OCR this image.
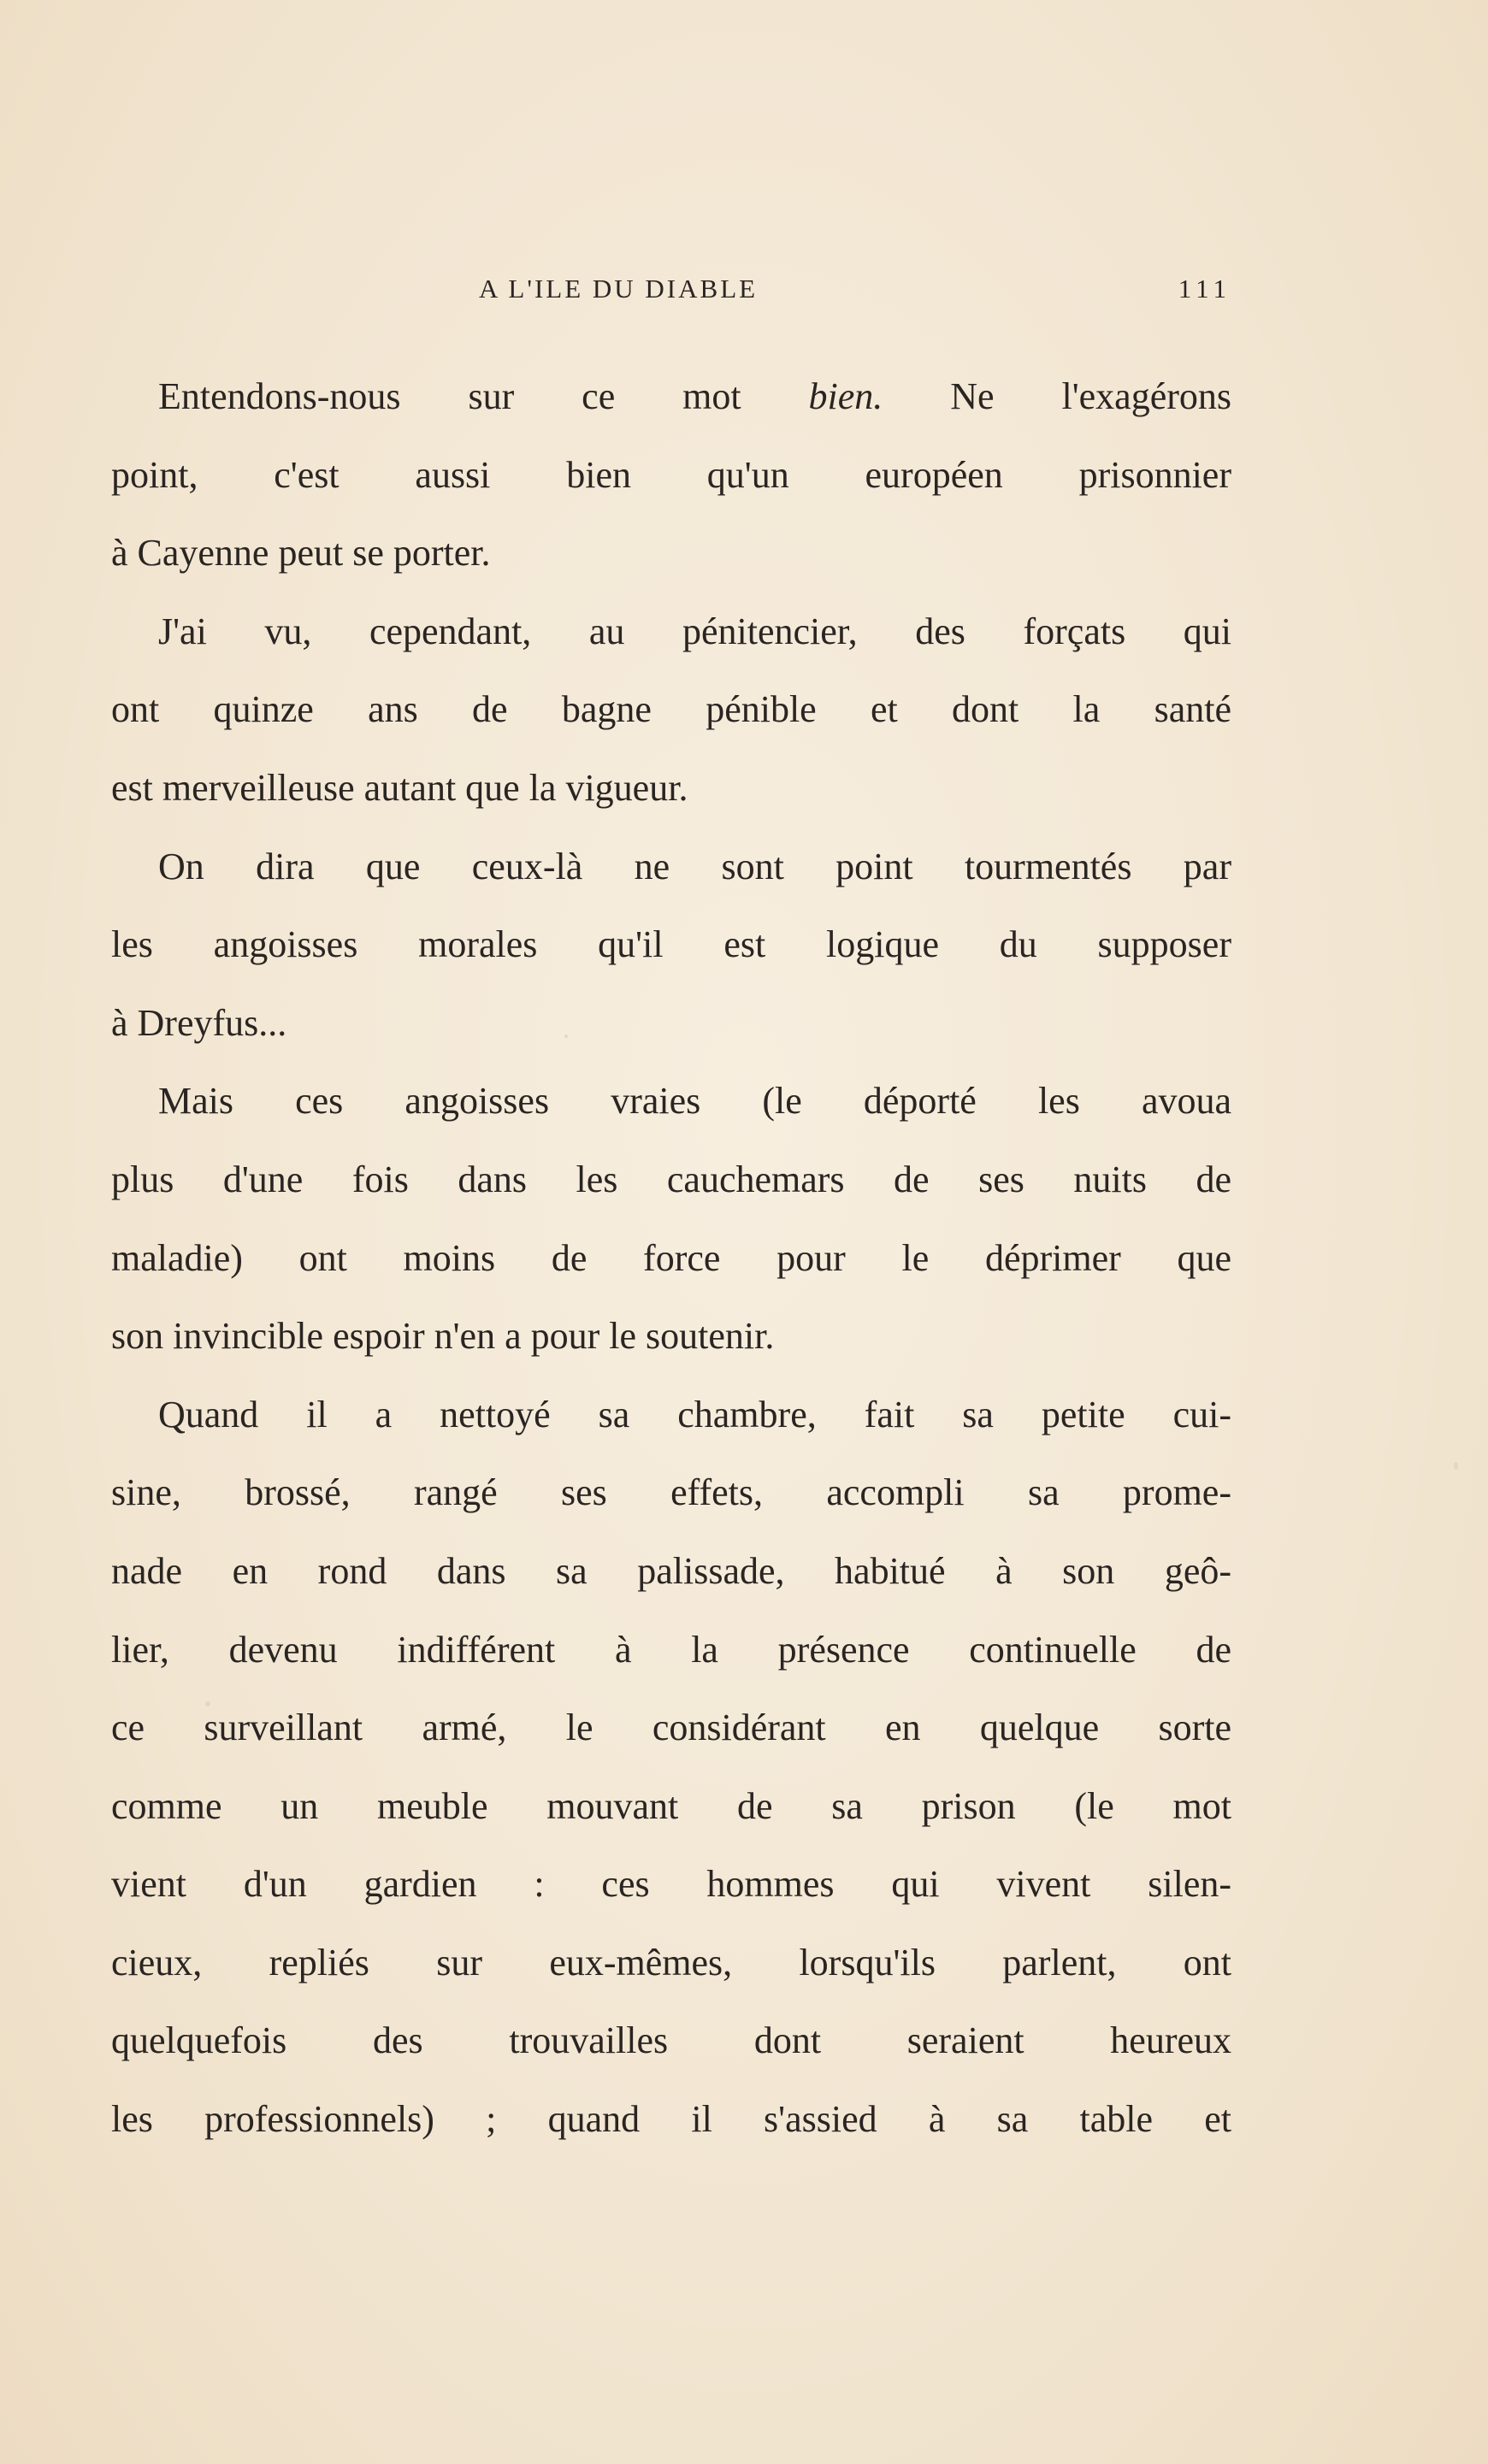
A L'ILE DU DIABLE	111
Entendons-nous sur ce mot bien. Ne l'exagérons
point, c'est aussi bien qu'un européen prisonnier
à Cayenne peut se porter.
J'ai vu, cependant, au pénitencier, des forçats qui
ont quinze ans de bagne pénible et dont la santé
est merveilleuse autant que la vigueur.
On dira que ceux-là ne sont point tourmentés par
les angoisses morales qu'il est logique du supposer
à Dreyfus...
Mais ces angoisses vraies (le déporté les avoua
plus d'une fois dans les cauchemars de ses nuits de
maladie) ont moins de force pour le déprimer que
son invincible espoir n'en a pour le soutenir.
Quand il a nettoyé sa chambre, fait sa petite cui-
sine, brossé, rangé ses effets, accompli sa prome-
nade en rond dans sa palissade, habitué à son geô-
lier, devenu indifférent à la présence continuelle de
ce surveillant armé, le considérant en quelque sorte
comme un meuble mouvant de sa prison (le mot
vient d'un gardien : ces hommes qui vivent silen-
cieux, repliés sur eux-mêmes, lorsqu'ils parlent, ont
quelquefois des trouvailles dont seraient heureux
les professionnels) ; quand il s'assied à sa table et
